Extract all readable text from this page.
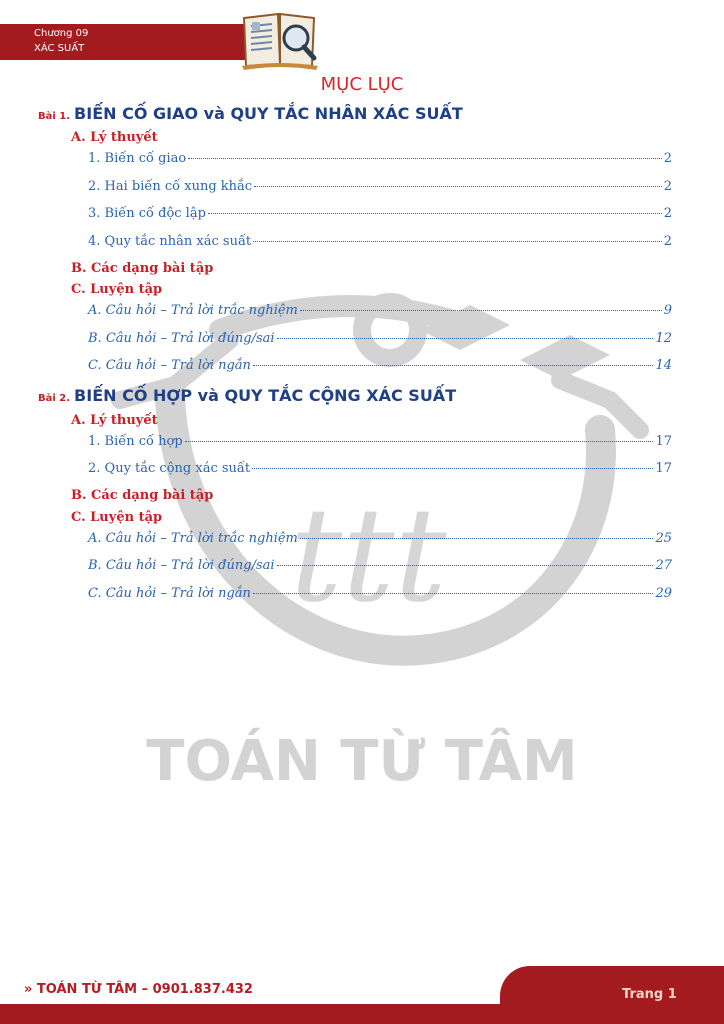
ttt
TOÁN TỪ TÂM
Chương 09
XÁC SUẤT
MỤC LỤC
Bài 1. BIẾN CỐ GIAO và QUY TẮC NHÂN XÁC SUẤT
A. Lý thuyết
1. Biến cố giao	2
2. Hai biến cố xung khắc	2
3. Biến cố độc lập	2
4. Quy tắc nhân xác suất	2
B. Các dạng bài tập
C. Luyện tập
A. Câu hỏi – Trả lời trắc nghiệm	9
B. Câu hỏi – Trả lời đúng/sai	12
C. Câu hỏi – Trả lời ngắn	14
Bài 2. BIẾN CỐ HỢP và QUY TẮC CỘNG XÁC SUẤT
A. Lý thuyết
1. Biến cố hợp	17
2. Quy tắc cộng xác suất	17
B. Các dạng bài tập
C. Luyện tập
A. Câu hỏi – Trả lời trắc nghiệm	25
B. Câu hỏi – Trả lời đúng/sai	27
C. Câu hỏi – Trả lời ngắn	29
» TOÁN TỪ TÂM – 0901.837.432	Trang 1
